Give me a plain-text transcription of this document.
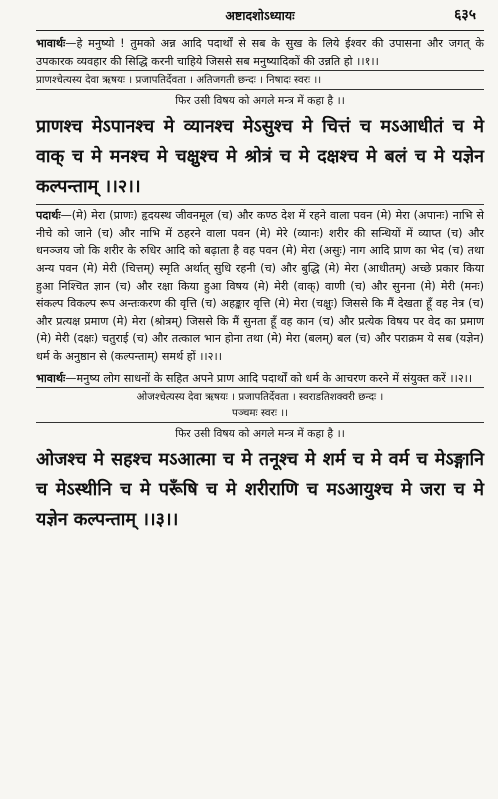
अष्टादशोऽध्यायः	६३५

भावार्थः—हे मनुष्यो ! तुमको अन्न आदि पदार्थों से सब के सुख के लिये ईश्वर की उपासना और जगत् के उपकारक व्यवहार की सिद्धि करनी चाहिये जिससे सब मनुष्यादिकों की उन्नति हो ।।१।।

प्राणश्चेत्यस्य देवा ऋषयः । प्रजापतिर्देवता । अतिजगती छन्दः । निषादः स्वरः ।।
फिर उसी विषय को अगले मन्त्र में कहा है ।।

प्राणश्च मेऽपानश्च मे व्यानश्च मेऽसुश्च मे चित्तं च मऽआधीतं च मे वाक् च मे मनश्च मे चक्षुश्च मे श्रोत्रं च मे दक्षश्च मे बलं च मे यज्ञेन कल्पन्ताम् ।।२।।

पदार्थः—(मे) मेरा (प्राणः) हृदयस्थ जीवनमूल (च) और कण्ठ देश में रहने वाला पवन (मे) मेरा (अपानः) नाभि से नीचे को जाने (च) और नाभि में ठहरने वाला पवन (मे) मेरे (व्यानः) शरीर की सन्धियों में व्याप्त (च) और धनञ्जय जो कि शरीर के रुधिर आदि को बढ़ाता है वह पवन (मे) मेरा (असुः) नाग आदि प्राण का भेद (च) तथा अन्य पवन (मे) मेरी (चित्तम्) स्मृति अर्थात् सुधि रहनी (च) और बुद्धि (मे) मेरा (आधीतम्) अच्छे प्रकार किया हुआ निश्चित ज्ञान (च) और रक्षा किया हुआ विषय (मे) मेरी (वाक्) वाणी (च) और सुनना (मे) मेरी (मनः) संकल्प विकल्प रूप अन्तःकरण की वृत्ति (च) अहङ्कार वृत्ति (मे) मेरा (चक्षुः) जिससे कि मैं देखता हूँ वह नेत्र (च) और प्रत्यक्ष प्रमाण (मे) मेरा (श्रोत्रम्) जिससे कि मैं सुनता हूँ वह कान (च) और प्रत्येक विषय पर वेद का प्रमाण (मे) मेरी (दक्षः) चतुराई (च) और तत्काल भान होना तथा (मे) मेरा (बलम्) बल (च) और पराक्रम ये सब (यज्ञेन) धर्म के अनुष्ठान से (कल्पन्ताम्) समर्थ हों ।।२।।

भावार्थः—मनुष्य लोग साधनों के सहित अपने प्राण आदि पदार्थों को धर्म के आचरण करने में संयुक्त करें ।।२।।

ओजश्चेत्यस्य देवा ऋषयः । प्रजापतिर्देवता । स्वराडतिशक्वरी छन्दः ।
पञ्चमः स्वरः ।।
फिर उसी विषय को अगले मन्त्र में कहा है ।।

ओजश्च मे सहश्च मऽआत्मा च मे तनूश्च मे शर्म च मे वर्म च मेऽङ्गानि च मेऽस्थीनि च मे परूँषि च मे शरीराणि च मऽआयुश्च मे जरा च मे यज्ञेन कल्पन्ताम् ।।३।।
